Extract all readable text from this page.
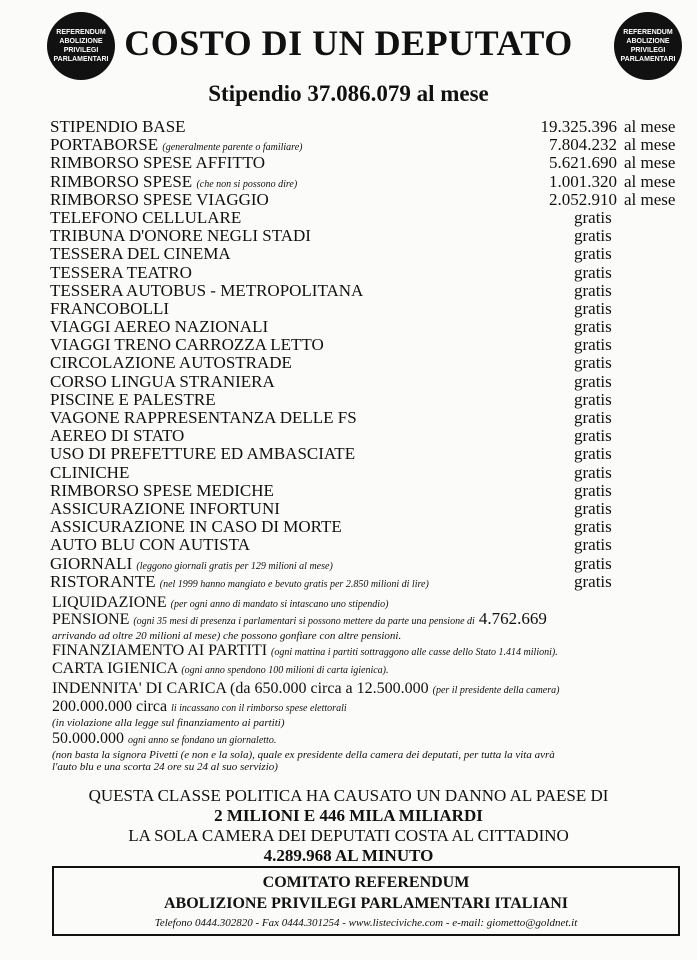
REFERENDUM
ABOLIZIONE
PRIVILEGI
PARLAMENTARI
REFERENDUM
ABOLIZIONE
PRIVILEGI
PARLAMENTARI
COSTO DI UN DEPUTATO
Stipendio 37.086.079 al mese
STIPENDIO BASE	19.325.396 al mese
PORTABORSE (generalmente parente o familiare)	7.804.232 al mese
RIMBORSO SPESE AFFITTO	5.621.690 al mese
RIMBORSO SPESE (che non si possono dire)	1.001.320 al mese
RIMBORSO SPESE VIAGGIO	2.052.910 al mese
TELEFONO CELLULARE	gratis
TRIBUNA D'ONORE NEGLI STADI	gratis
TESSERA DEL CINEMA	gratis
TESSERA TEATRO	gratis
TESSERA AUTOBUS - METROPOLITANA	gratis
FRANCOBOLLI	gratis
VIAGGI AEREO NAZIONALI	gratis
VIAGGI TRENO CARROZZA LETTO	gratis
CIRCOLAZIONE AUTOSTRADE	gratis
CORSO LINGUA STRANIERA	gratis
PISCINE E PALESTRE	gratis
VAGONE RAPPRESENTANZA DELLE FS	gratis
AEREO DI STATO	gratis
USO DI PREFETTURE ED AMBASCIATE	gratis
CLINICHE	gratis
RIMBORSO SPESE MEDICHE	gratis
ASSICURAZIONE INFORTUNI	gratis
ASSICURAZIONE IN CASO DI MORTE	gratis
AUTO BLU CON AUTISTA	gratis
GIORNALI (leggono giornali gratis per 129 milioni al mese)	gratis
RISTORANTE (nel 1999 hanno mangiato e bevuto gratis per 2.850 milioni di lire)	gratis
LIQUIDAZIONE (per ogni anno di mandato si intascano uno stipendio)
PENSIONE (ogni 35 mesi di presenza i parlamentari si possono mettere da parte una pensione di 4.762.669
arrivando ad oltre 20 milioni al mese) che possono gonfiare con altre pensioni.
FINANZIAMENTO AI PARTITI (ogni mattina i partiti sottraggono alle casse dello Stato 1.414 milioni).
CARTA IGIENICA (ogni anno spendono 100 milioni di carta igienica).
INDENNITA' DI CARICA (da 650.000 circa a 12.500.000 (per il presidente della camera)
200.000.000 circa li incassano con il rimborso spese elettorali
(in violazione alla legge sul finanziamento ai partiti)
50.000.000 ogni anno se fondano un giornaletto.
(non basta la signora Pivetti (e non e la sola), quale ex presidente della camera dei deputati, per tutta la vita avrà
l'auto blu e una scorta 24 ore su 24 al suo servizio)
QUESTA CLASSE POLITICA HA CAUSATO UN DANNO AL PAESE DI
2 MILIONI E 446 MILA MILIARDI
LA SOLA CAMERA DEI DEPUTATI COSTA AL CITTADINO
4.289.968 AL MINUTO
COMITATO REFERENDUM
ABOLIZIONE PRIVILEGI PARLAMENTARI ITALIANI
Telefono 0444.302820 - Fax 0444.301254 - www.listeciviche.com - e-mail: giometto@goldnet.it
